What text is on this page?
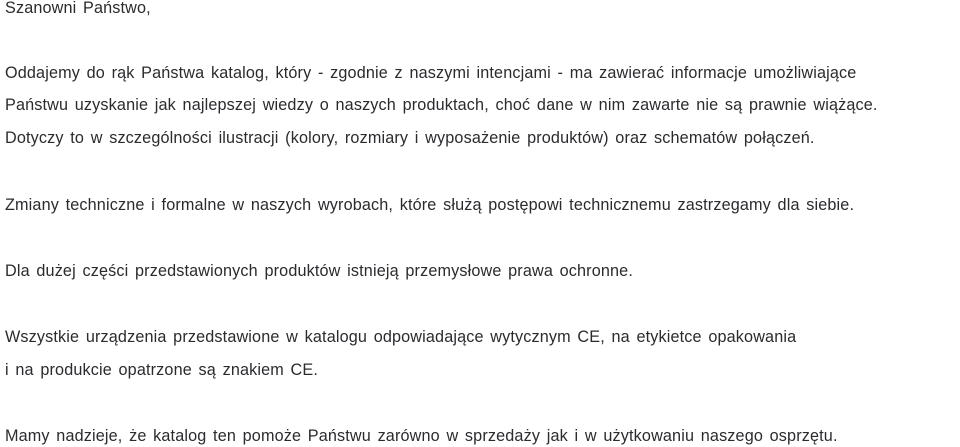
Szanowni Państwo,
Oddajemy do rąk Państwa katalog, który - zgodnie z naszymi intencjami - ma zawierać informacje umożliwiające
Państwu uzyskanie jak najlepszej wiedzy o naszych produktach, choć dane w nim zawarte nie są prawnie wiążące.
Dotyczy to w szczególności ilustracji (kolory, rozmiary i wyposażenie produktów) oraz schematów połączeń.
Zmiany techniczne i formalne w naszych wyrobach, które służą postępowi technicznemu zastrzegamy dla siebie.
Dla dużej części przedstawionych produktów istnieją przemysłowe prawa ochronne.
Wszystkie urządzenia przedstawione w katalogu odpowiadające wytycznym CE, na etykietce opakowania
i na produkcie opatrzone są znakiem CE.
Mamy nadzieje, że katalog ten pomoże Państwu zarówno w sprzedaży jak i w użytkowaniu naszego osprzętu.
